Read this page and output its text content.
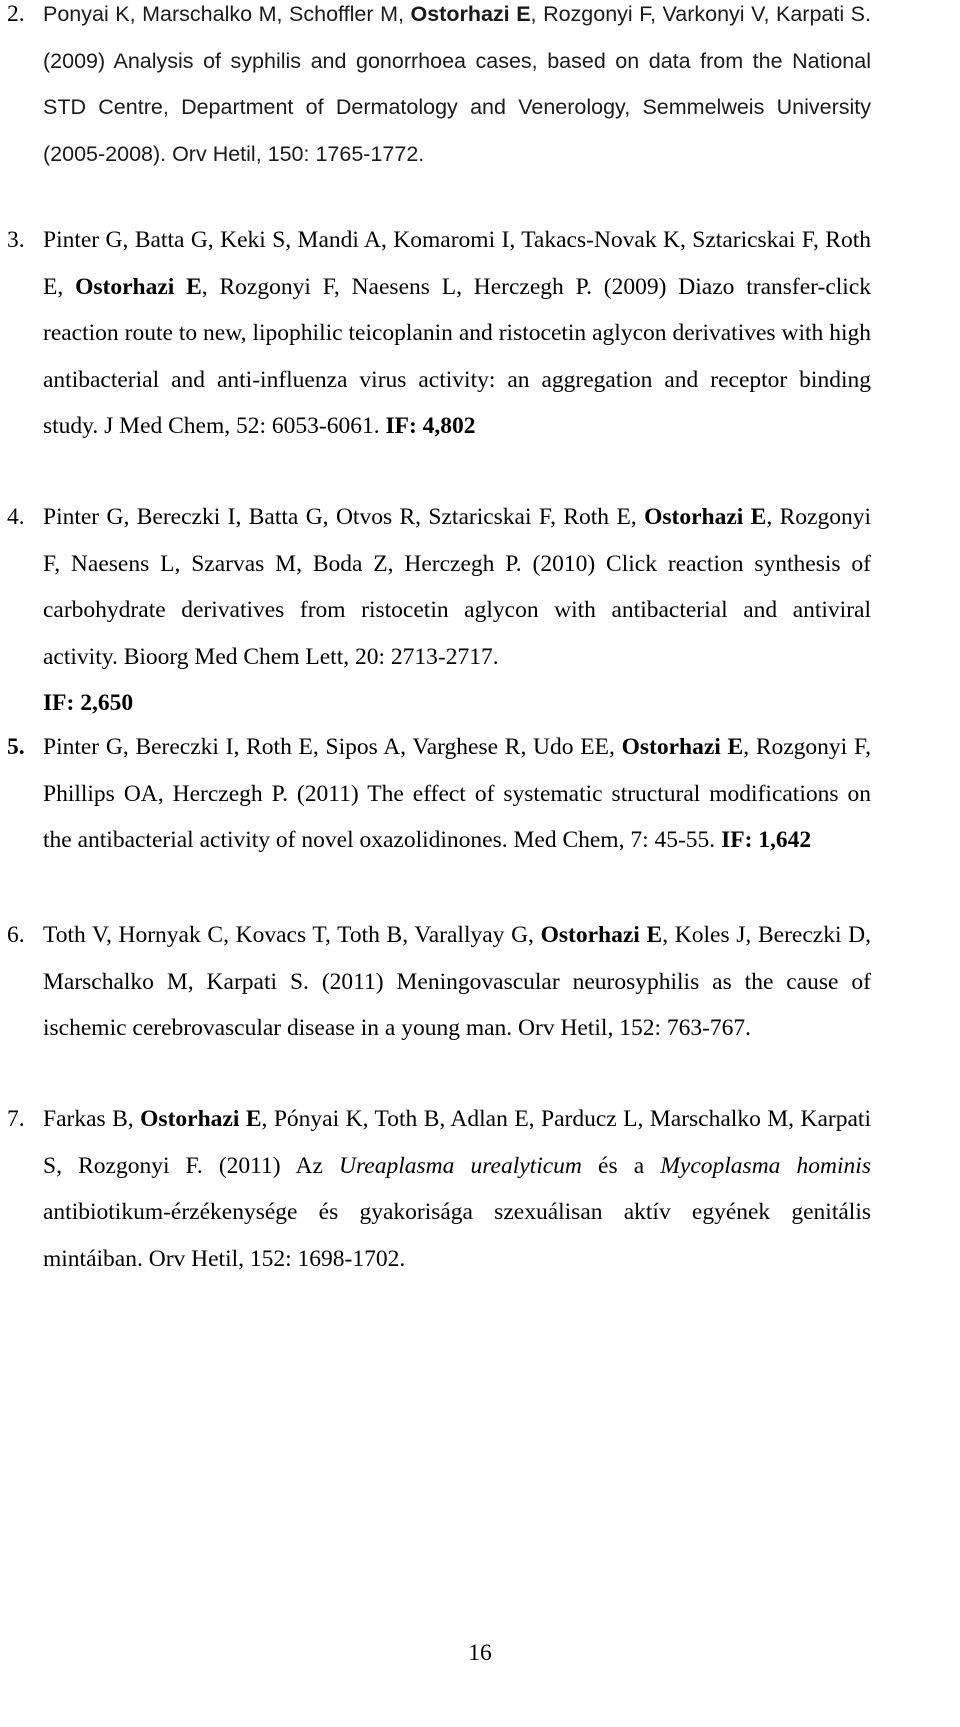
2. Ponyai K, Marschalko M, Schoffler M, Ostorhazi E, Rozgonyi F, Varkonyi V, Karpati S. (2009) Analysis of syphilis and gonorrhoea cases, based on data from the National STD Centre, Department of Dermatology and Venerology, Semmelweis University (2005-2008). Orv Hetil, 150: 1765-1772.
3. Pinter G, Batta G, Keki S, Mandi A, Komaromi I, Takacs-Novak K, Sztaricskai F, Roth E, Ostorhazi E, Rozgonyi F, Naesens L, Herczegh P. (2009) Diazo transfer-click reaction route to new, lipophilic teicoplanin and ristocetin aglycon derivatives with high antibacterial and anti-influenza virus activity: an aggregation and receptor binding study. J Med Chem, 52: 6053-6061. IF: 4,802
4. Pinter G, Bereczki I, Batta G, Otvos R, Sztaricskai F, Roth E, Ostorhazi E, Rozgonyi F, Naesens L, Szarvas M, Boda Z, Herczegh P. (2010) Click reaction synthesis of carbohydrate derivatives from ristocetin aglycon with antibacterial and antiviral activity. Bioorg Med Chem Lett, 20: 2713-2717.
IF: 2,650
5. Pinter G, Bereczki I, Roth E, Sipos A, Varghese R, Udo EE, Ostorhazi E, Rozgonyi F, Phillips OA, Herczegh P. (2011) The effect of systematic structural modifications on the antibacterial activity of novel oxazolidinones. Med Chem, 7: 45-55. IF: 1,642
6. Toth V, Hornyak C, Kovacs T, Toth B, Varallyay G, Ostorhazi E, Koles J, Bereczki D, Marschalko M, Karpati S. (2011) Meningovascular neurosyphilis as the cause of ischemic cerebrovascular disease in a young man. Orv Hetil, 152: 763-767.
7. Farkas B, Ostorhazi E, Pónyai K, Toth B, Adlan E, Parducz L, Marschalko M, Karpati S, Rozgonyi F. (2011) Az Ureaplasma urealyticum és a Mycoplasma hominis antibiotikum-érzékenysége és gyakorisága szexuálisan aktív egyének genitális mintáiban. Orv Hetil, 152: 1698-1702.
16
